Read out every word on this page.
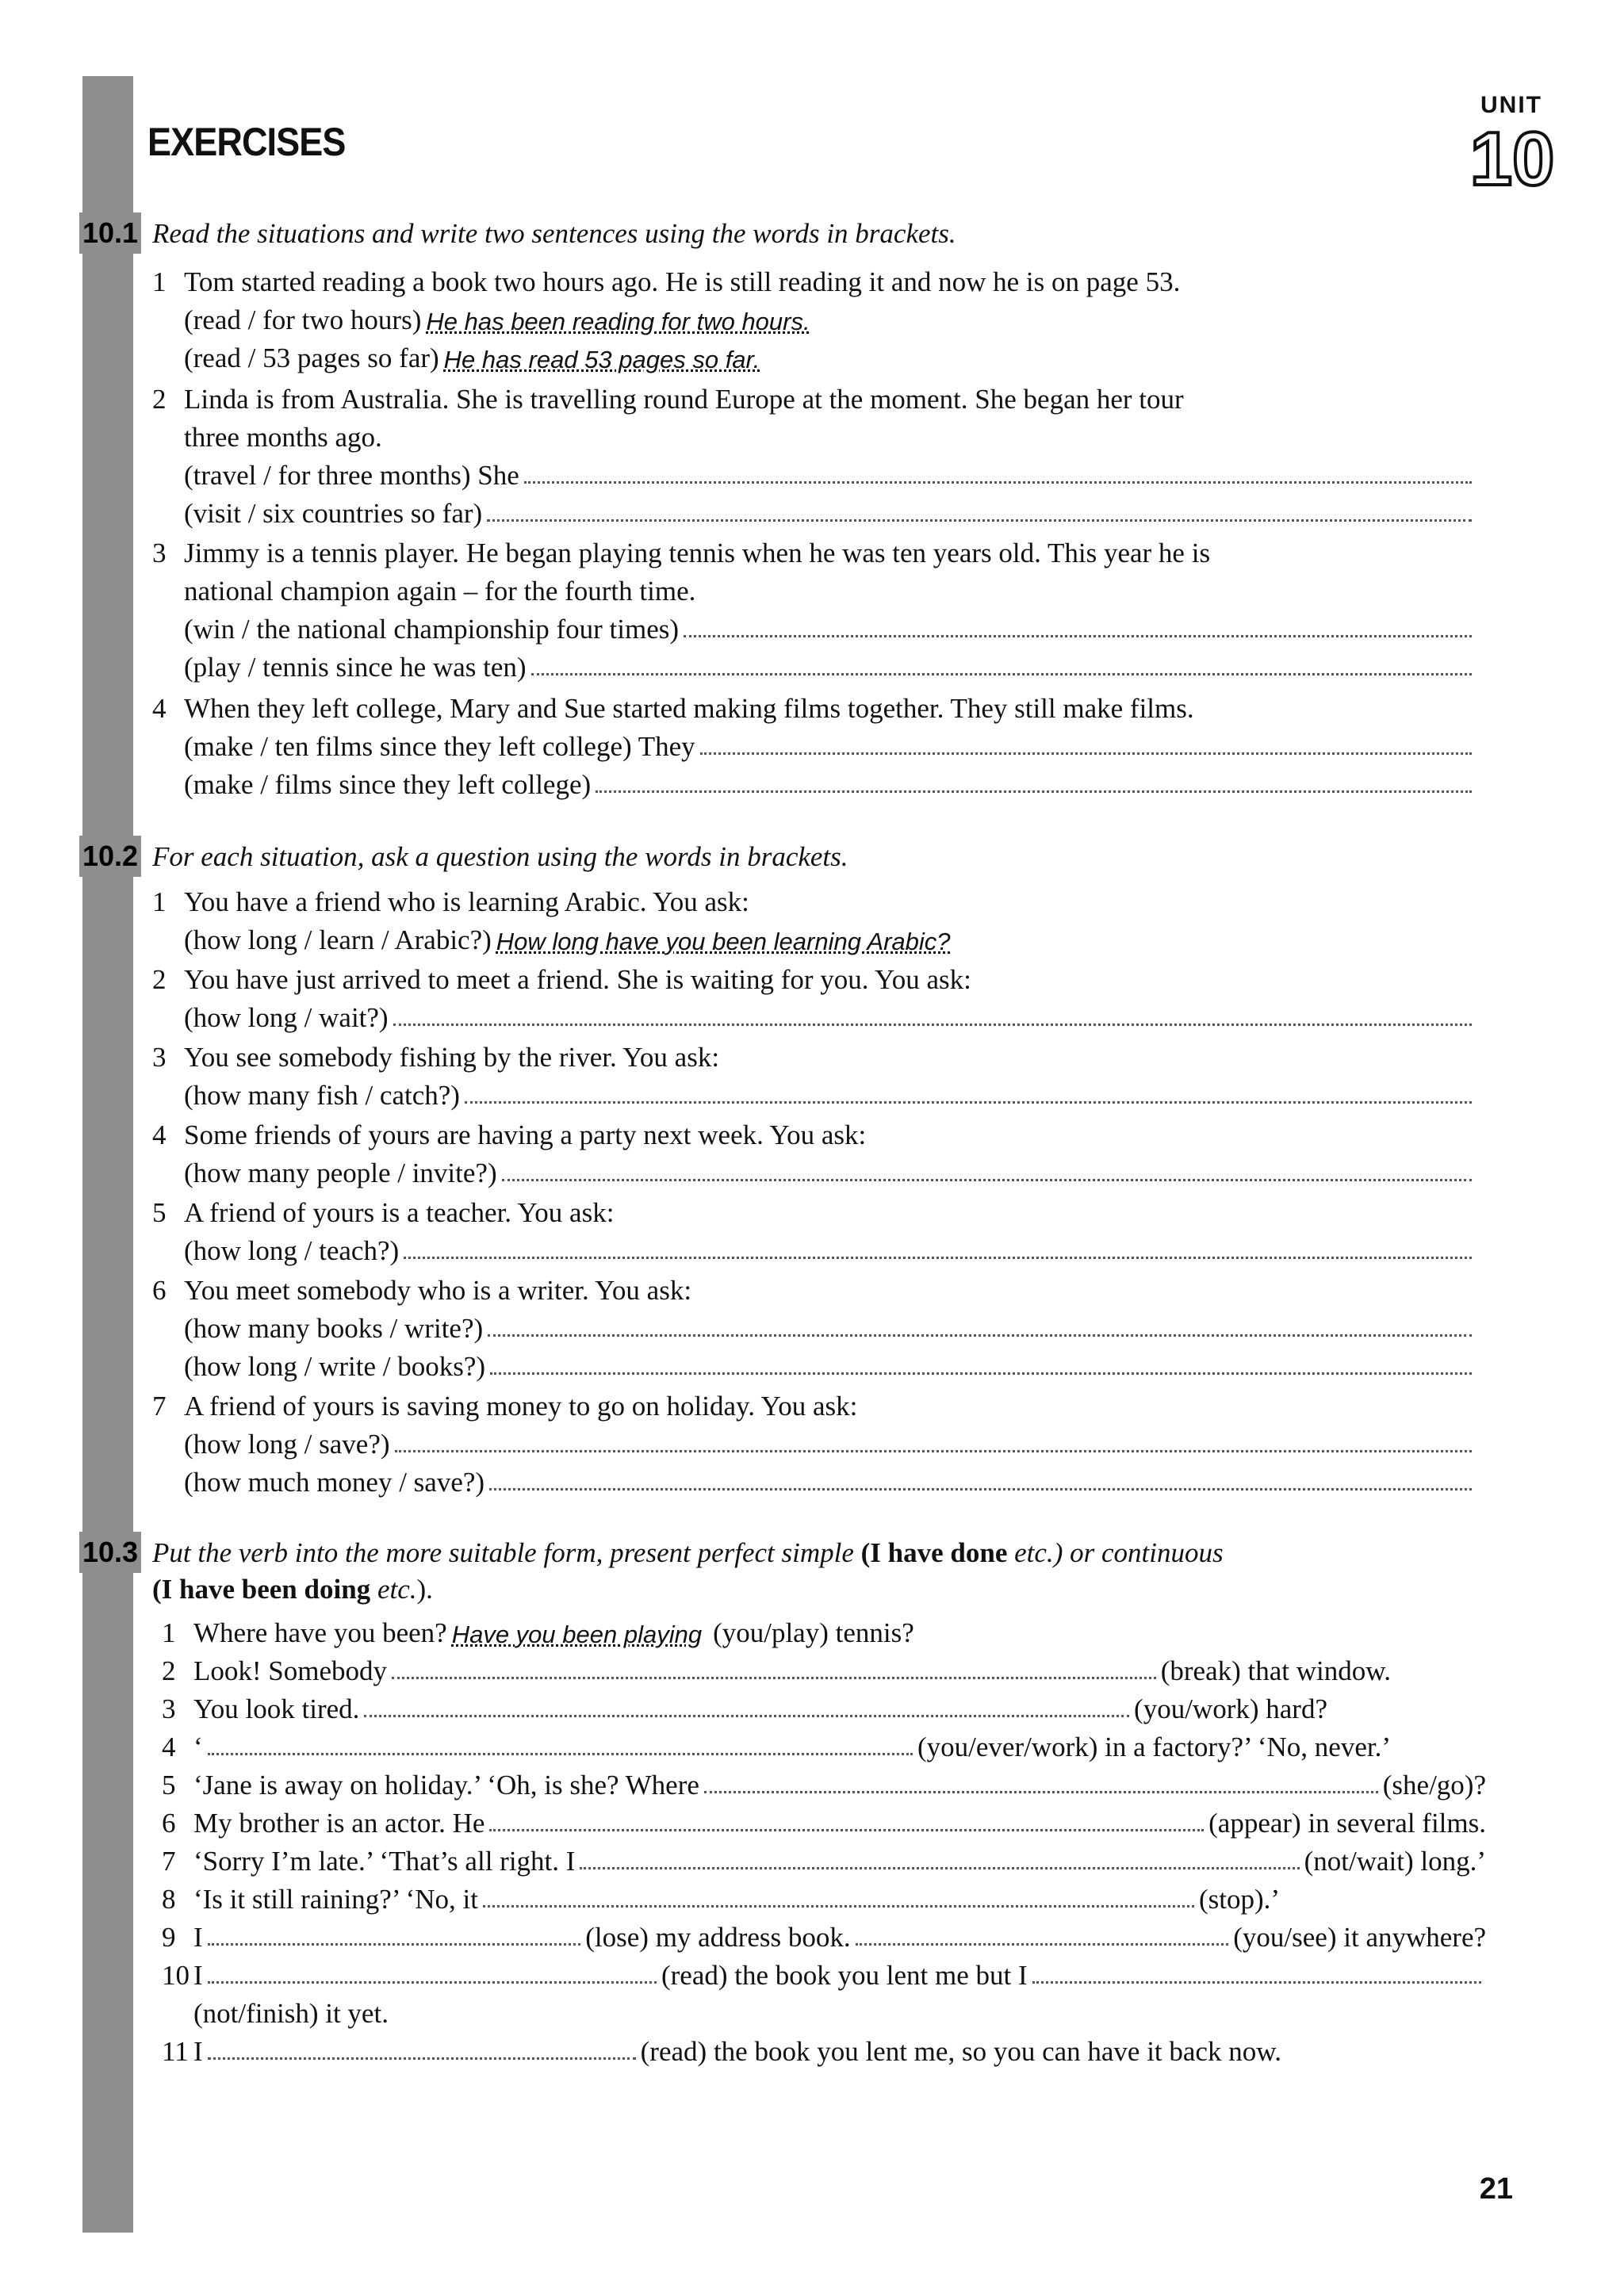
UNIT
10
EXERCISES
10.1 Read the situations and write two sentences using the words in brackets.

1 Tom started reading a book two hours ago. He is still reading it and now he is on page 53.
(read / for two hours) He has been reading for two hours.
(read / 53 pages so far) He has read 53 pages so far.
2 Linda is from Australia. She is travelling round Europe at the moment. She began her tour
three months ago.
(travel / for three months) She
(visit / six countries so far)
3 Jimmy is a tennis player. He began playing tennis when he was ten years old. This year he is
national champion again – for the fourth time.
(win / the national championship four times)
(play / tennis since he was ten)
4 When they left college, Mary and Sue started making films together. They still make films.
(make / ten films since they left college) They
(make / films since they left college)
10.2 For each situation, ask a question using the words in brackets.

1 You have a friend who is learning Arabic. You ask:
(how long / learn / Arabic?) How long have you been learning Arabic?
2 You have just arrived to meet a friend. She is waiting for you. You ask:
(how long / wait?)
3 You see somebody fishing by the river. You ask:
(how many fish / catch?)
4 Some friends of yours are having a party next week. You ask:
(how many people / invite?)
5 A friend of yours is a teacher. You ask:
(how long / teach?)
6 You meet somebody who is a writer. You ask:
(how many books / write?)
(how long / write / books?)
7 A friend of yours is saving money to go on holiday. You ask:
(how long / save?)
(how much money / save?)
10.3 Put the verb into the more suitable form, present perfect simple (I have done etc.) or continuous
(I have been doing etc.).
1 Where have you been? Have you been playing (you/play) tennis?
2 Look! Somebody	(break) that window.
3 You look tired.	(you/work) hard?
4 ‘	(you/ever/work) in a factory?’ ‘No, never.’
5 ‘Jane is away on holiday.’ ‘Oh, is she? Where	(she/go)?
6 My brother is an actor. He	(appear) in several films.
7 ‘Sorry I’m late.’ ‘That’s all right. I	(not/wait) long.’
8 ‘Is it still raining?’ ‘No, it	(stop).’
9 I	(lose) my address book.	(you/see) it anywhere?
10 I	(read) the book you lent me but I
(not/finish) it yet.
11 I	(read) the book you lent me, so you can have it back now.
21
